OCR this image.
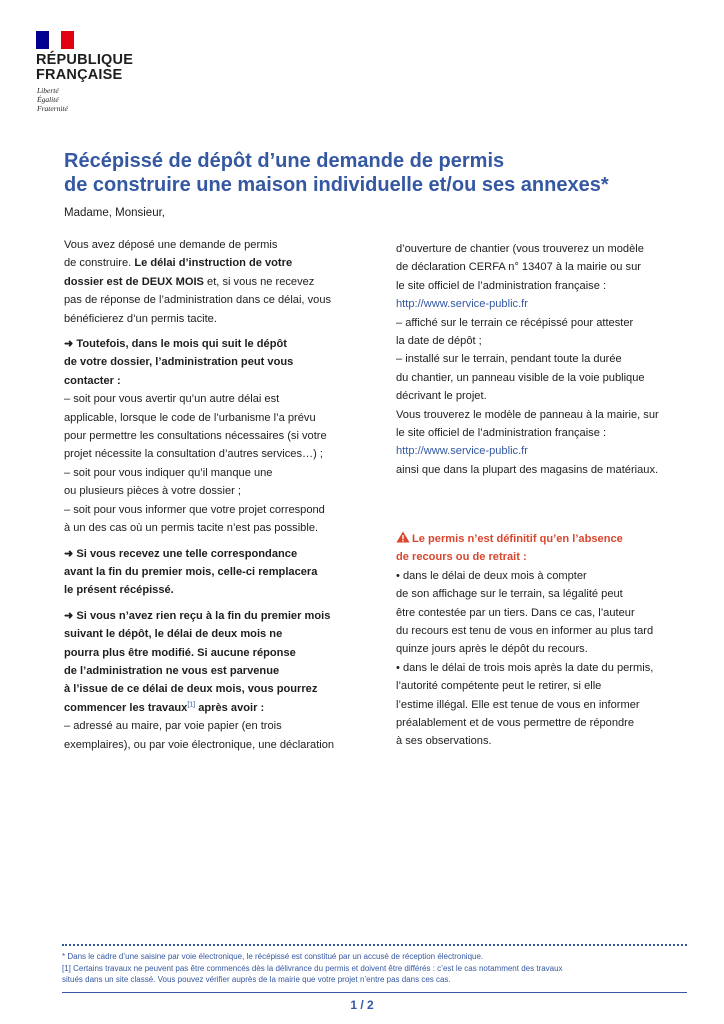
RÉPUBLIQUE
FRANÇAISE
Liberté
Égalité
Fraternité
Récépissé de dépôt d’une demande de permis
de construire une maison individuelle et/ou ses annexes*
Madame, Monsieur,

Vous avez déposé une demande de permis

de construire. Le délai d’instruction de votre

dossier est de DEUX MOIS et, si vous ne recevez

pas de réponse de l’administration dans ce délai, vous

bénéficierez d’un permis tacite.

➜ Toutefois, dans le mois qui suit le dépôt

de votre dossier, l’administration peut vous

contacter :

– soit pour vous avertir qu’un autre délai est

applicable, lorsque le code de l’urbanisme l’a prévu

pour permettre les consultations nécessaires (si votre

projet nécessite la consultation d’autres services…) ;

– soit pour vous indiquer qu’il manque une

ou plusieurs pièces à votre dossier ;

– soit pour vous informer que votre projet correspond

à un des cas où un permis tacite n’est pas possible.

➜ Si vous recevez une telle correspondance

avant la fin du premier mois, celle-ci remplacera

le présent récépissé.

➜ Si vous n’avez rien reçu à la fin du premier mois

suivant le dépôt, le délai de deux mois ne

pourra plus être modifié. Si aucune réponse

de l’administration ne vous est parvenue

à l’issue de ce délai de deux mois, vous pourrez

commencer les travaux[1] après avoir :

– adressé au maire, par voie papier (en trois

exemplaires), ou par voie électronique, une déclaration

d’ouverture de chantier (vous trouverez un modèle

de déclaration CERFA n° 13407 à la mairie ou sur

le site officiel de l’administration française :

http://www.service-public.fr

– affiché sur le terrain ce récépissé pour attester

la date de dépôt ;

– installé sur le terrain, pendant toute la durée

du chantier, un panneau visible de la voie publique

décrivant le projet.

Vous trouverez le modèle de panneau à la mairie, sur

le site officiel de l’administration française :

http://www.service-public.fr

ainsi que dans la plupart des magasins de matériaux.

Le permis n’est définitif qu’en l’absence

de recours ou de retrait :

• dans le délai de deux mois à compter

de son affichage sur le terrain, sa légalité peut

être contestée par un tiers. Dans ce cas, l’auteur

du recours est tenu de vous en informer au plus tard

quinze jours après le dépôt du recours.

• dans le délai de trois mois après la date du permis,

l’autorité compétente peut le retirer, si elle

l’estime illégal. Elle est tenue de vous en informer

préalablement et de vous permettre de répondre

à ses observations.

* Dans le cadre d’une saisine par voie électronique, le récépissé est constitué par un accusé de réception électronique.

[1] Certains travaux ne peuvent pas être commencés dès la délivrance du permis et doivent être différés : c’est le cas notamment des travaux

situés dans un site classé. Vous pouvez vérifier auprès de la mairie que votre projet n’entre pas dans ces cas.

1 / 2
